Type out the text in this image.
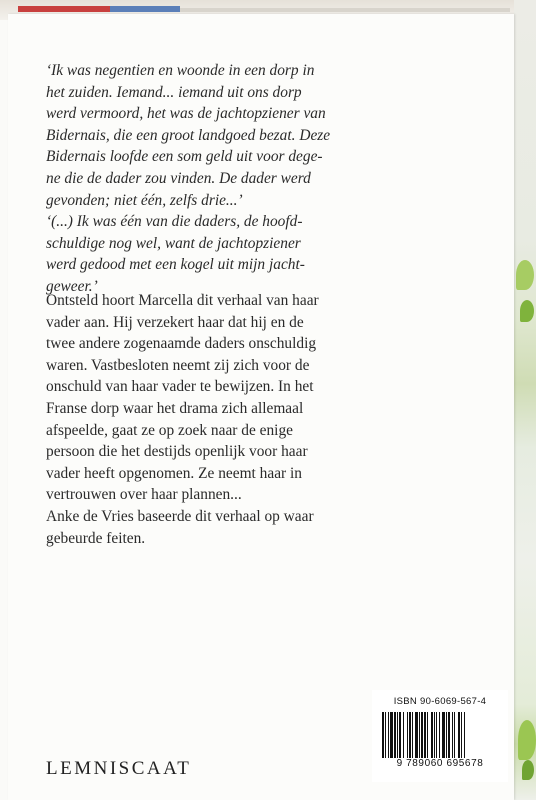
‘Ik was negentien en woonde in een dorp in

het zuiden. Iemand... iemand uit ons dorp

werd vermoord, het was de jachtopziener van

Bidernais, die een groot landgoed bezat. Deze

Bidernais loofde een som geld uit voor dege-

ne die de dader zou vinden. De dader werd

gevonden; niet één, zelfs drie...’

‘(...) Ik was één van die daders, de hoofd-

schuldige nog wel, want de jachtopziener

werd gedood met een kogel uit mijn jacht-

geweer.’

Ontsteld hoort Marcella dit verhaal van haar

vader aan. Hij verzekert haar dat hij en de

twee andere zogenaamde daders onschuldig

waren. Vastbesloten neemt zij zich voor de

onschuld van haar vader te bewijzen. In het

Franse dorp waar het drama zich allemaal

afspeelde, gaat ze op zoek naar de enige

persoon die het destijds openlijk voor haar

vader heeft opgenomen. Ze neemt haar in

vertrouwen over haar plannen...

Anke de Vries baseerde dit verhaal op waar

gebeurde feiten.

LEMNISCAAT
ISBN 90-6069-567-4
9 789060 695678
